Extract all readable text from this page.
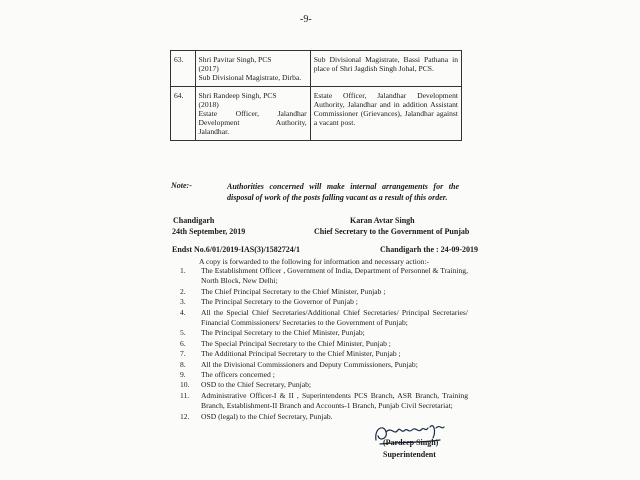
-9-
63.	Shri Pavitar Singh, PCS
(2017)
Sub Divisional Magistrate, Dirba.	Sub Divisional Magistrate, Bassi Pathana in place of Shri Jagdish Singh Johal, PCS.
64.	Shri Randeep Singh, PCS
(2018)
Estate Officer, Jalandhar Development Authority,
Jalandhar.	Estate Officer, Jalandhar Development Authority, Jalandhar and in addition Assistant Commissioner (Grievances), Jalandhar against a vacant post.
Note:-	Authorities concerned will make internal arrangements for the disposal of work of the posts falling vacant as a result of this order.
Chandigarh
24th September, 2019
Karan Avtar Singh
Chief Secretary to the Government of Punjab
Endst No.6/01/2019-IAS(3)/1582724/1	Chandigarh the : 24-09-2019
A copy is forwarded to the following for information and necessary action:-
1. The Establishment Officer , Government of India, Department of Personnel & Training, North Block, New Delhi;
2. The Chief Principal Secretary to the Chief Minister, Punjab ;
3. The Principal Secretary to the Governor of Punjab ;
4. All the Special Chief Secretaries/Additional Chief Secretaries/ Principal Secretaries/ Financial Commissioners/ Secretaries to the Government of Punjab;
5. The Principal Secretary to the Chief Minister, Punjab;
6. The Special Principal Secretary to the Chief Minister, Punjab ;
7. The Additional Principal Secretary to the Chief Minister, Punjab ;
8. All the Divisional Commissioners and Deputy Commissioners, Punjab;
9. The officers concerned ;
10. OSD to the Chief Secretary, Punjab;
11. Administrative Officer-I & II , Superintendents PCS Branch, ASR Branch, Training Branch, Establishment-II Branch and Accounts-1 Branch, Punjab Civil Secretariat;
12. OSD (legal) to the Chief Secretary, Punjab.
(Pardeep Singh)
Superintendent
